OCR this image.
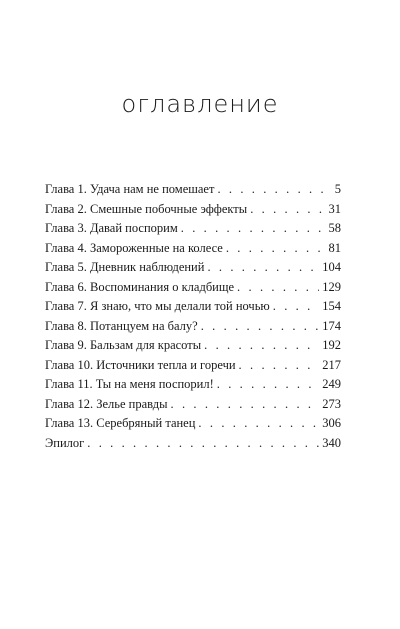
оглавление
Глава 1. Удача нам не помешает . . .	5
Глава 2. Смешные побочные эффекты . . .	31
Глава 3. Давай поспорим . . .	58
Глава 4. Замороженные на колесе . . .	81
Глава 5. Дневник наблюдений . . .	104
Глава 6. Воспоминания о кладбище . . .	129
Глава 7. Я знаю, что мы делали той ночью . . .	154
Глава 8. Потанцуем на балу? . . .	174
Глава 9. Бальзам для красоты . . .	192
Глава 10. Источники тепла и горечи . . .	217
Глава 11. Ты на меня поспорил! . . .	249
Глава 12. Зелье правды . . .	273
Глава 13. Серебряный танец . . .	306
Эпилог . . .	340
